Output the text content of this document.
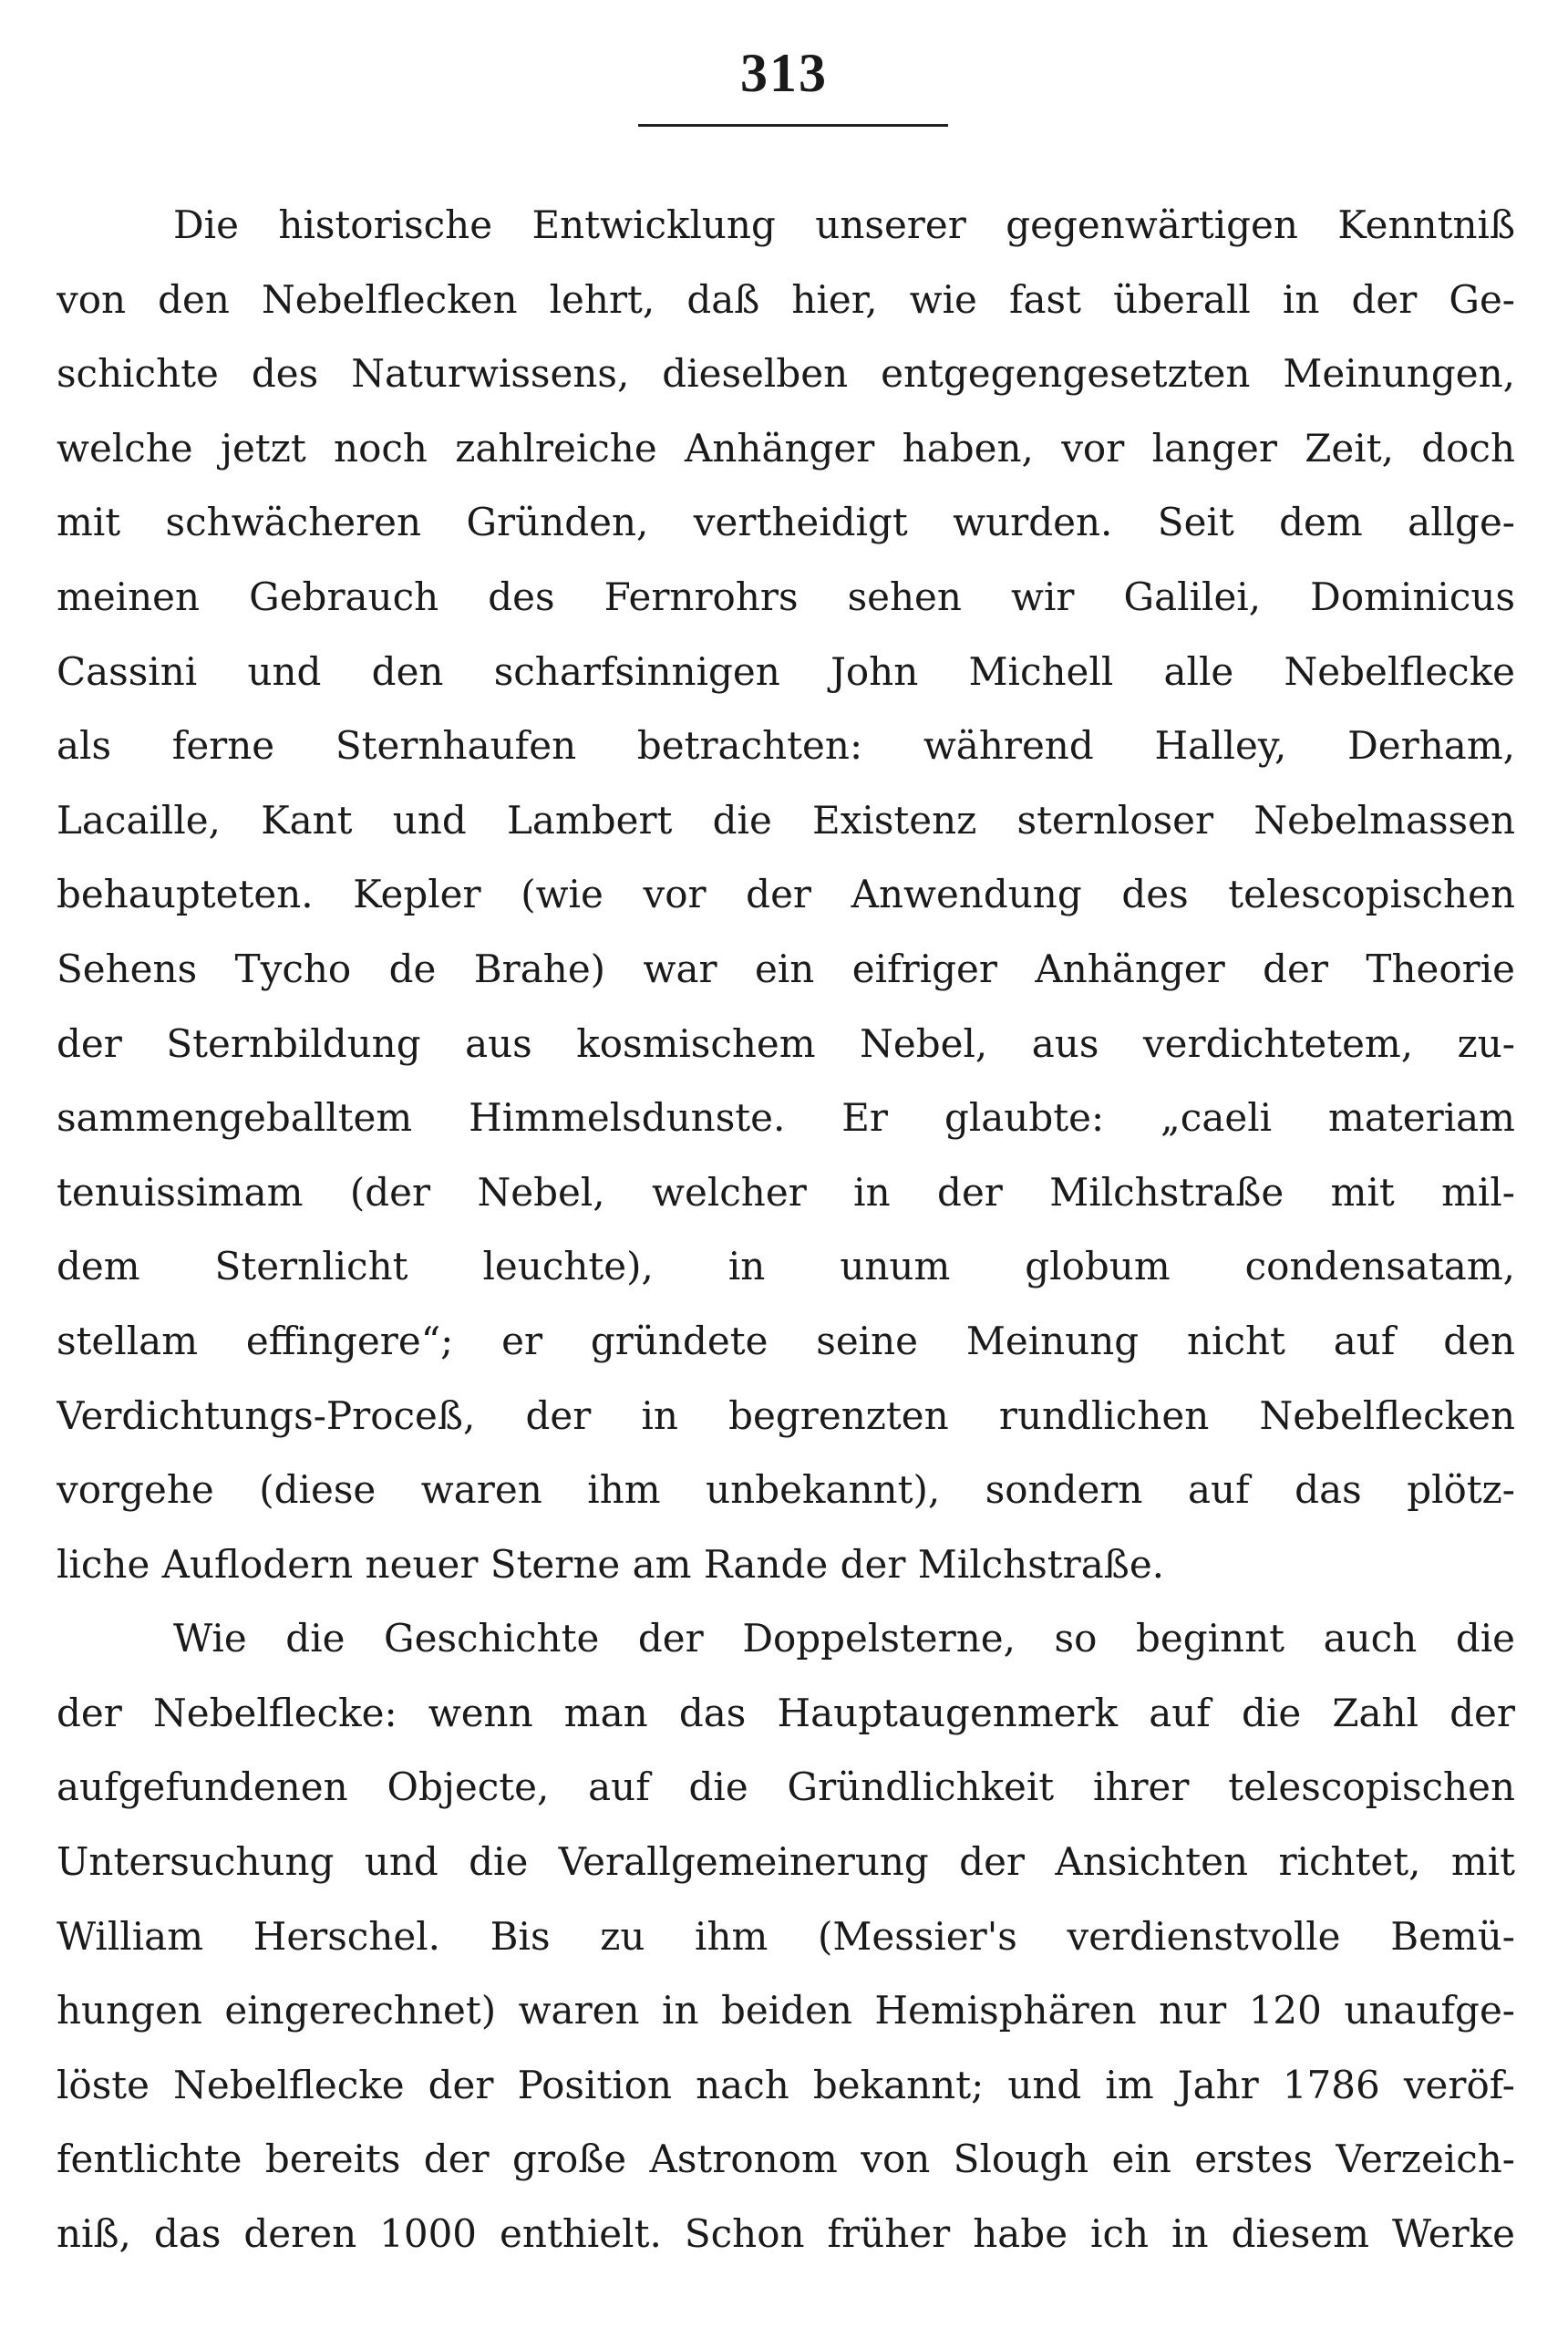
313
Die historische Entwicklung unserer gegenwärtigen Kenntniß
von den Nebelflecken lehrt, daß hier, wie fast überall in der Ge-
schichte des Naturwissens, dieselben entgegengesetzten Meinungen,
welche jetzt noch zahlreiche Anhänger haben, vor langer Zeit, doch
mit schwächeren Gründen, vertheidigt wurden. Seit dem allge-
meinen Gebrauch des Fernrohrs sehen wir Galilei, Dominicus
Cassini und den scharfsinnigen John Michell alle Nebelflecke
als ferne Sternhaufen betrachten: während Halley, Derham,
Lacaille, Kant und Lambert die Existenz sternloser Nebelmassen
behaupteten. Kepler (wie vor der Anwendung des telescopischen
Sehens Tycho de Brahe) war ein eifriger Anhänger der Theorie
der Sternbildung aus kosmischem Nebel, aus verdichtetem, zu-
sammengeballtem Himmelsdunste. Er glaubte: „caeli materiam
tenuissimam (der Nebel, welcher in der Milchstraße mit mil-
dem Sternlicht leuchte), in unum globum condensatam,
stellam effingere“; er gründete seine Meinung nicht auf den
Verdichtungs-Proceß, der in begrenzten rundlichen Nebelflecken
vorgehe (diese waren ihm unbekannt), sondern auf das plötz-
liche Auflodern neuer Sterne am Rande der Milchstraße.
Wie die Geschichte der Doppelsterne, so beginnt auch die
der Nebelflecke: wenn man das Hauptaugenmerk auf die Zahl der
aufgefundenen Objecte, auf die Gründlichkeit ihrer telescopischen
Untersuchung und die Verallgemeinerung der Ansichten richtet, mit
William Herschel. Bis zu ihm (Messier's verdienstvolle Bemü-
hungen eingerechnet) waren in beiden Hemisphären nur 120 unaufge-
löste Nebelflecke der Position nach bekannt; und im Jahr 1786 veröf-
fentlichte bereits der große Astronom von Slough ein erstes Verzeich-
niß, das deren 1000 enthielt. Schon früher habe ich in diesem Werke
